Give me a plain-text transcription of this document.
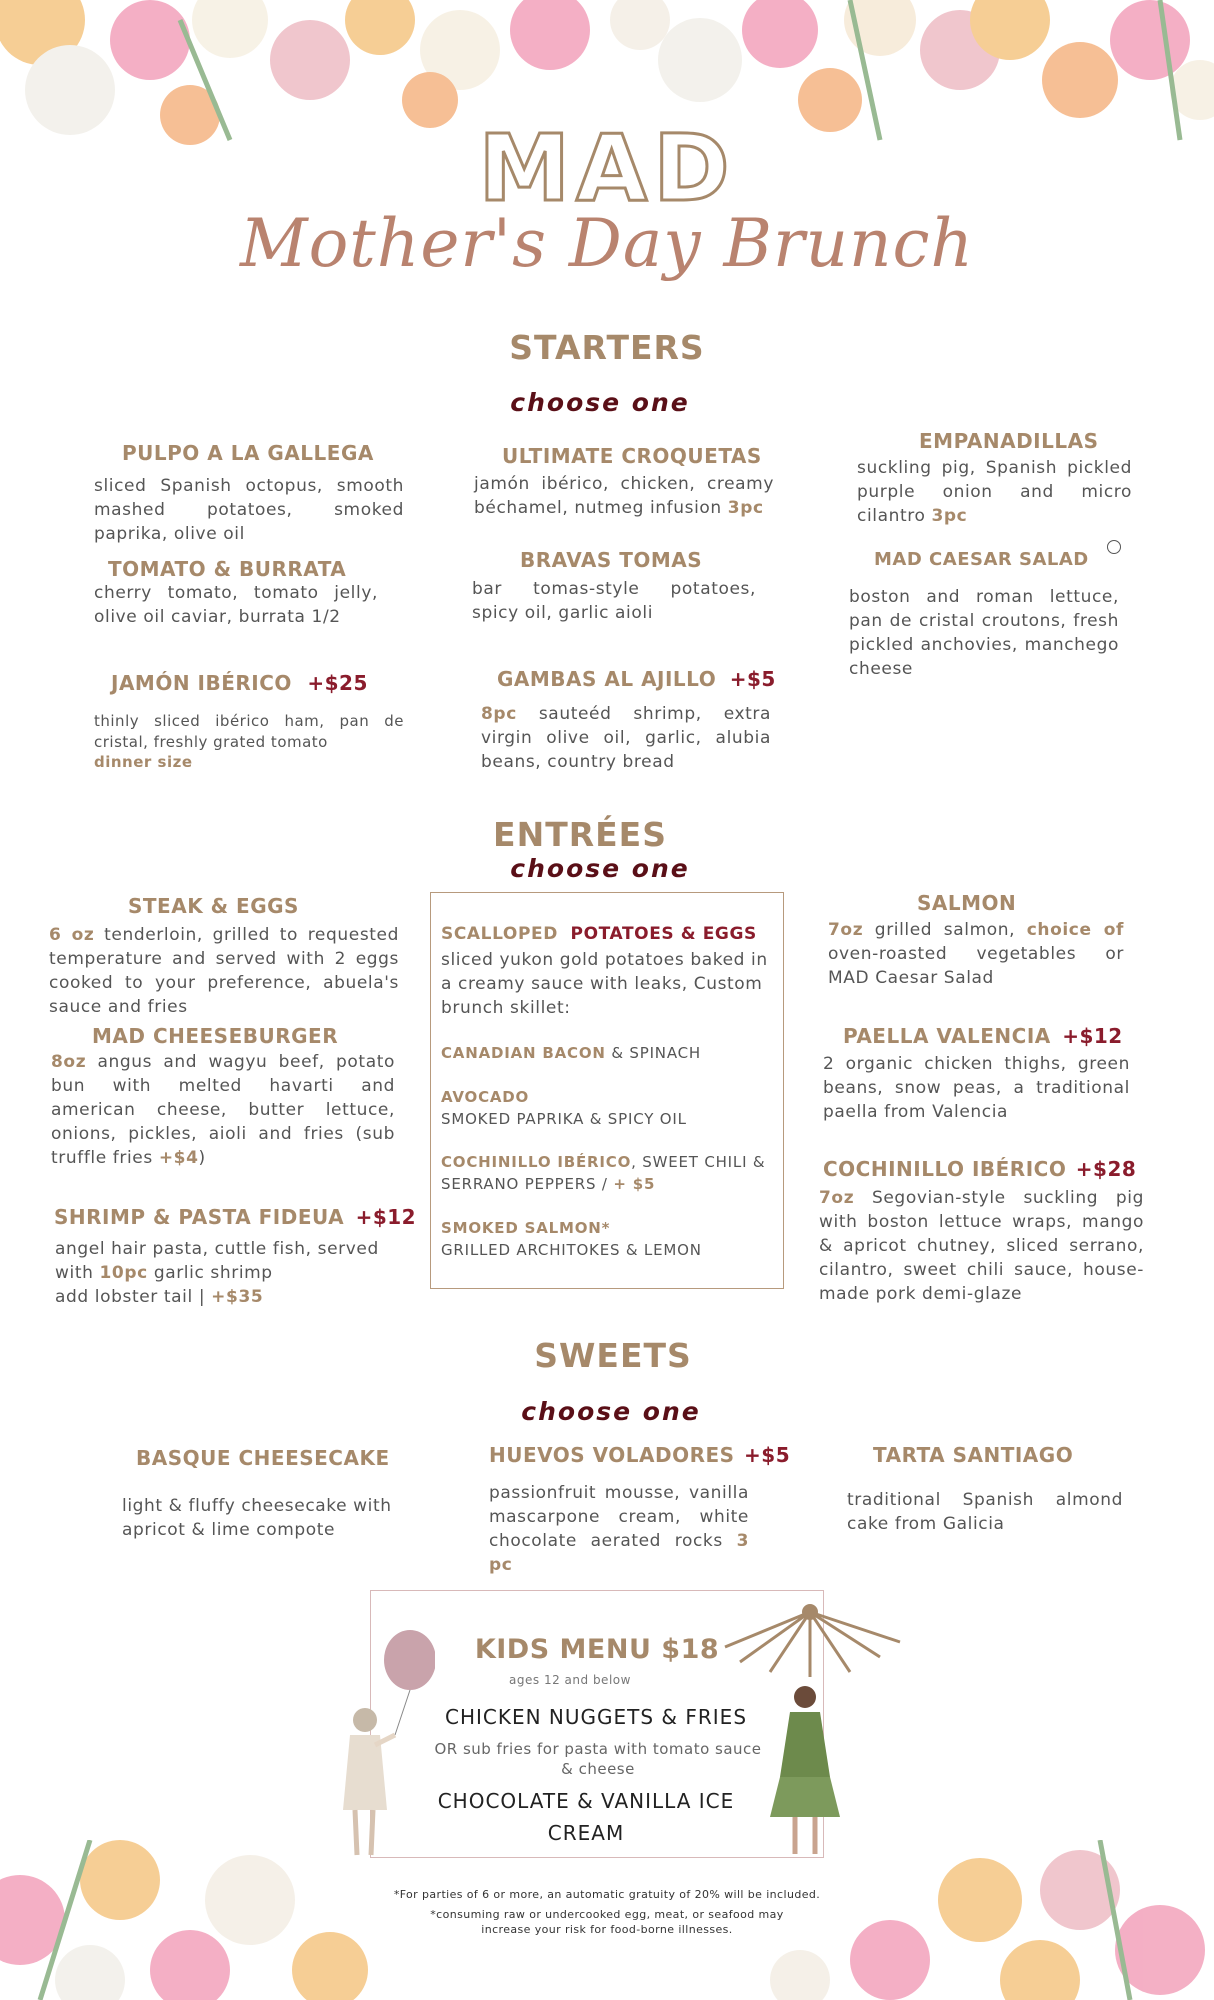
MAD
Mother's Day Brunch
STARTERS
choose one
PULPO A LA GALLEGA
sliced Spanish octopus, smooth mashed potatoes, smoked paprika, olive oil
TOMATO & BURRATA
cherry tomato, tomato jelly, olive oil caviar, burrata 1/2
JAMÓN IBÉRICO +$25
thinly sliced ibérico ham, pan de cristal, freshly grated tomato
dinner size
ULTIMATE CROQUETAS
jamón ibérico, chicken, creamy béchamel, nutmeg infusion 3pc
BRAVAS TOMAS
bar tomas-style potatoes, spicy oil, garlic aioli
GAMBAS AL AJILLO +$5
8pc sauteéd shrimp, extra virgin olive oil, garlic, alubia beans, country bread
EMPANADILLAS
suckling pig, Spanish pickled purple onion and micro cilantro 3pc
MAD CAESAR SALAD
boston and roman lettuce, pan de cristal croutons, fresh pickled anchovies, manchego cheese
ENTRÉES
choose one
STEAK & EGGS
6 oz tenderloin, grilled to requested temperature and served with 2 eggs cooked to your preference, abuela's sauce and fries
MAD CHEESEBURGER
8oz angus and wagyu beef, potato bun with melted havarti and american cheese, butter lettuce, onions, pickles, aioli and fries (sub truffle fries +$4)
SHRIMP & PASTA FIDEUA +$12
angel hair pasta, cuttle fish, served with 10pc garlic shrimp
add lobster tail | +$35
SCALLOPED POTATOES & EGGS
sliced yukon gold potatoes baked in a creamy sauce with leaks, Custom brunch skillet:
CANADIAN BACON & SPINACH
AVOCADO
SMOKED PAPRIKA & SPICY OIL
COCHINILLO IBÉRICO, SWEET CHILI & SERRANO PEPPERS / + $5
SMOKED SALMON*
GRILLED ARCHITOKES & LEMON
SALMON
7oz grilled salmon, choice of oven-roasted vegetables or MAD Caesar Salad
PAELLA VALENCIA +$12
2 organic chicken thighs, green beans, snow peas, a traditional paella from Valencia
COCHINILLO IBÉRICO +$28
7oz Segovian-style suckling pig with boston lettuce wraps, mango & apricot chutney, sliced serrano, cilantro, sweet chili sauce, house-made pork demi-glaze
SWEETS
choose one
BASQUE CHEESECAKE
light & fluffy cheesecake with apricot & lime compote
HUEVOS VOLADORES +$5
passionfruit mousse, vanilla mascarpone cream, white chocolate aerated rocks 3 pc
TARTA SANTIAGO
traditional Spanish almond cake from Galicia
KIDS MENU $18
ages 12 and below
CHICKEN NUGGETS & FRIES
OR sub fries for pasta with tomato sauce & cheese
CHOCOLATE & VANILLA ICE CREAM
*For parties of 6 or more, an automatic gratuity of 20% will be included.
*consuming raw or undercooked egg, meat, or seafood may
increase your risk for food-borne illnesses.
